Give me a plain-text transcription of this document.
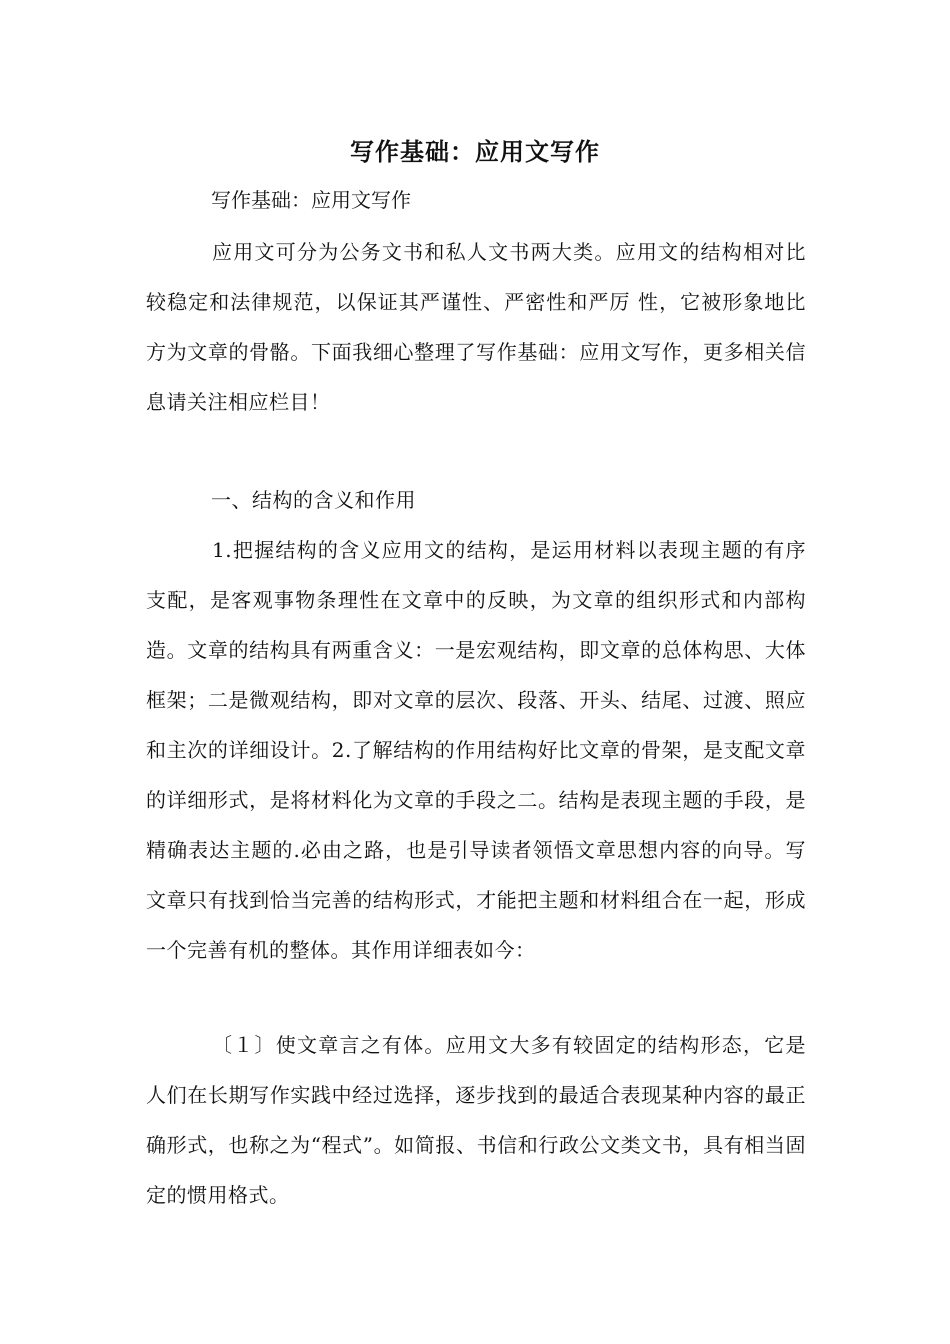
写作基础：应用文写作
写作基础：应用文写作
应用文可分为公务文书和私人文书两大类。应用文的结构相对比较稳定和法律规范，以保证其严谨性、严密性和严厉 性，它被形象地比方为文章的骨骼。下面我细心整理了写作基础：应用文写作，更多相关信息请关注相应栏目！
一、结构的含义和作用
1.把握结构的含义应用文的结构，是运用材料以表现主题的有序支配，是客观事物条理性在文章中的反映，为文章的组织形式和内部构造。文章的结构具有两重含义：一是宏观结构，即文章的总体构思、大体框架；二是微观结构，即对文章的层次、段落、开头、结尾、过渡、照应和主次的详细设计。2.了解结构的作用结构好比文章的骨架，是支配文章的详细形式，是将材料化为文章的手段之二。结构是表现主题的手段，是精确表达主题的.必由之路，也是引导读者领悟文章思想内容的向导。写文章只有找到恰当完善的结构形式，才能把主题和材料组合在一起，形成一个完善有机的整体。其作用详细表如今：
〔１〕使文章言之有体。应用文大多有较固定的结构形态，它是人们在长期写作实践中经过选择，逐步找到的最适合表现某种内容的最正确形式，也称之为“程式”。如简报、书信和行政公文类文书，具有相当固定的惯用格式。
